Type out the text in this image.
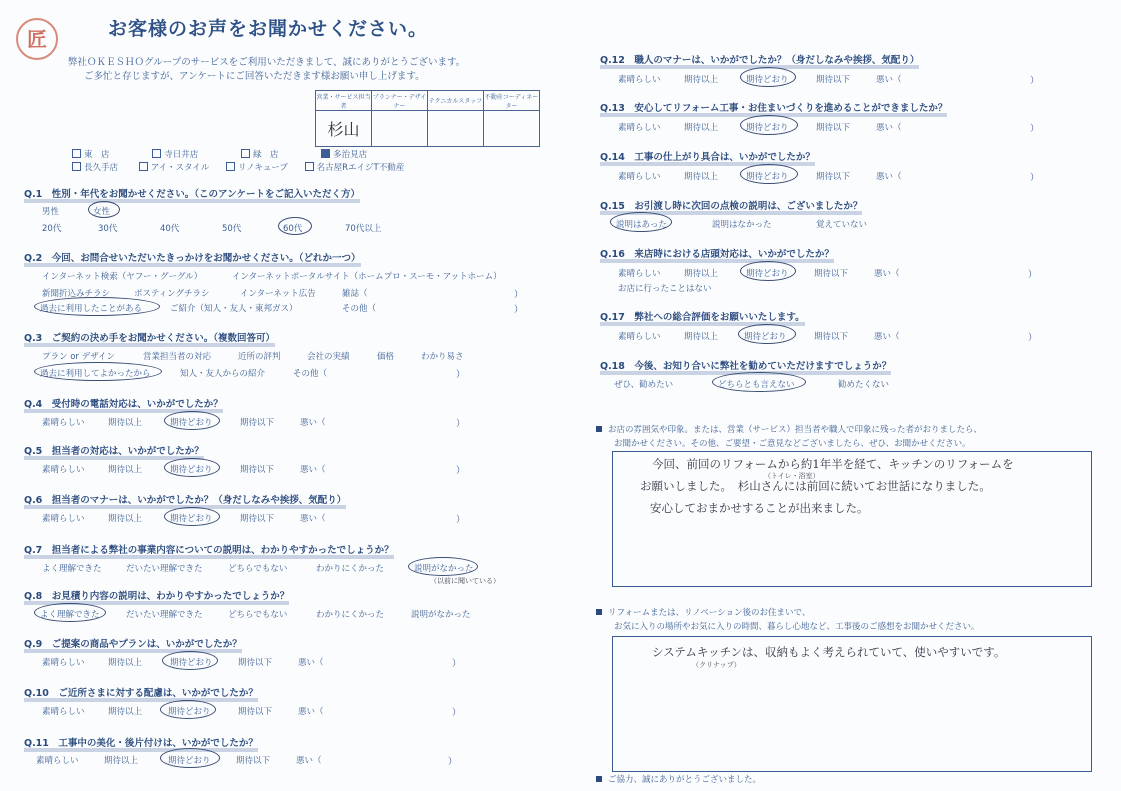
匠	お客様のお声をお聞かせください。
弊社ＯＫＥＳＨＯグループのサービスをご利用いただきまして、誠にありがとうございます。
ご多忙と存じますが、アンケートにご回答いただきます様お願い申し上げます。
営業・サービス担当者	プランナー・デザイナー	テクニカルスタッフ	不動産コーディネーター
杉山			
東　店	寺日井店	緑　店	多治見店
長久手店	アイ・スタイル	リノキューブ	名古屋RエイジT不動産
Q.1　性別・年代をお聞かせください。（このアンケートをご記入いただく方）
男性	女性
20代	30代	40代	50代	60代	70代以上
Q.2　今回、お問合せいただいたきっかけをお聞かせください。（どれか一つ）
インターネット検索（ヤフー・グーグル）	インターネットポータルサイト（ホームプロ・スーモ・アットホーム）
新聞折込みチラシ	ポスティングチラシ	インターネット広告	雑誌（	）
過去に利用したことがある	ご紹介（知人・友人・東邦ガス）	その他（	）
Q.3　ご契約の決め手をお聞かせください。（複数回答可）
プラン or デザイン	営業担当者の対応	近所の評判	会社の実績	価格	わかり易さ
過去に利用してよかったから	知人・友人からの紹介	その他（	）
Q.4　受付時の電話対応は、いかがでしたか？
素晴らしい	期待以上	期待どおり	期待以下	悪い（	）
Q.5　担当者の対応は、いかがでしたか？
素晴らしい	期待以上	期待どおり	期待以下	悪い（	）
Q.6　担当者のマナーは、いかがでしたか？（身だしなみや挨拶、気配り）
素晴らしい	期待以上	期待どおり	期待以下	悪い（	）
Q.7　担当者による弊社の事業内容についての説明は、わかりやすかったでしょうか？
よく理解できた	だいたい理解できた	どちらでもない	わかりにくかった	説明がなかった
（以前に聞いている）
Q.8　お見積り内容の説明は、わかりやすかったでしょうか？
よく理解できた	だいたい理解できた	どちらでもない	わかりにくかった	説明がなかった
Q.9　ご提案の商品やプランは、いかがでしたか？
素晴らしい	期待以上	期待どおり	期待以下	悪い（	）
Q.10　ご近所さまに対する配慮は、いかがでしたか？
素晴らしい	期待以上	期待どおり	期待以下	悪い（	）
Q.11　工事中の美化・後片付けは、いかがでしたか？
素晴らしい	期待以上	期待どおり	期待以下	悪い（	）
Q.12　職人のマナーは、いかがでしたか？（身だしなみや挨拶、気配り）
素晴らしい	期待以上	期待どおり	期待以下	悪い（	）
Q.13　安心してリフォーム工事・お住まいづくりを進めることができましたか？
素晴らしい	期待以上	期待どおり	期待以下	悪い（	）
Q.14　工事の仕上がり具合は、いかがでしたか？
素晴らしい	期待以上	期待どおり	期待以下	悪い（	）
Q.15　お引渡し時に次回の点検の説明は、ございましたか？
説明はあった	説明はなかった	覚えていない
Q.16　来店時における店頭対応は、いかがでしたか？
素晴らしい	期待以上	期待どおり	期待以下	悪い（	）
お店に行ったことはない
Q.17　弊社への総合評価をお願いいたします。
素晴らしい	期待以上	期待どおり	期待以下	悪い（	）
Q.18　今後、お知り合いに弊社を勧めていただけますでしょうか？
ぜひ、勧めたい	どちらとも言えない	勧めたくない
お店の雰囲気や印象。または、営業（サービス）担当者や職人で印象に残った者がおりましたら、
お聞かせください。その他、ご要望・ご意見などございましたら、ぜひ、お聞かせください。
今回、前回のリフォームから約1年半を経て、キッチンのリフォームを
（トイレ・浴室）
お願いしました。　杉山さんには前回に続いてお世話になりました。
安心しておまかせすることが出来ました。
リフォームまたは、リノベーション後のお住まいで、
お気に入りの場所やお気に入りの時間、暮らし心地など、工事後のご感想をお聞かせください。
システムキッチンは、収納もよく考えられていて、使いやすいです。
（クリナップ）
ご協力、誠にありがとうございました。
